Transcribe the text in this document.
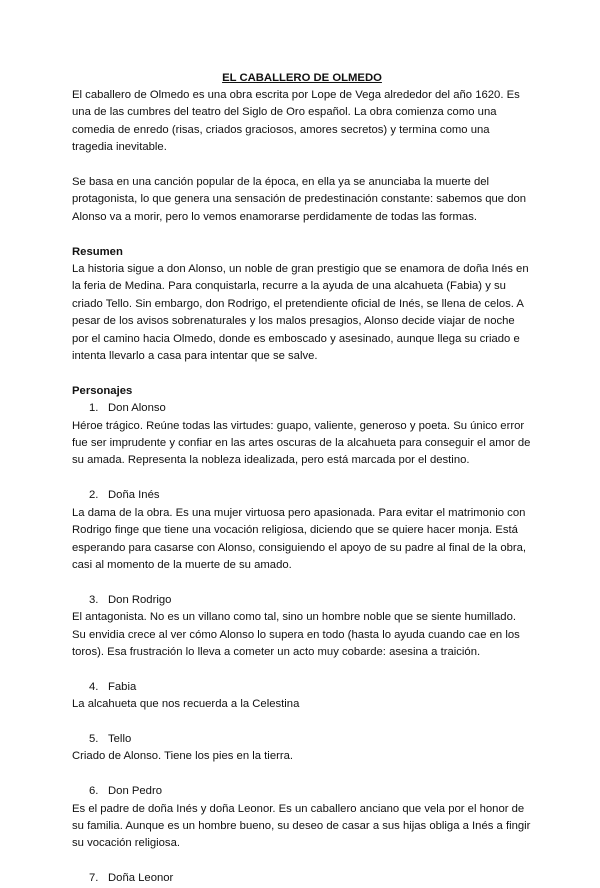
EL CABALLERO DE OLMEDO

El caballero de Olmedo es una obra escrita por Lope de Vega alrededor del año 1620. Es una de las cumbres del teatro del Siglo de Oro español. La obra comienza como una comedia de enredo (risas, criados graciosos, amores secretos) y termina como una tragedia inevitable.

Se basa en una canción popular de la época, en ella ya se anunciaba la muerte del protagonista, lo que genera una sensación de predestinación constante: sabemos que don Alonso va a morir, pero lo vemos enamorarse perdidamente de todas las formas.

Resumen

La historia sigue a don Alonso, un noble de gran prestigio que se enamora de doña Inés en la feria de Medina. Para conquistarla, recurre a la ayuda de una alcahueta (Fabia) y su criado Tello. Sin embargo, don Rodrigo, el pretendiente oficial de Inés, se llena de celos. A pesar de los avisos sobrenaturales y los malos presagios, Alonso decide viajar de noche por el camino hacia Olmedo, donde es emboscado y asesinado, aunque llega su criado e intenta llevarlo a casa para intentar que se salve.

Personajes

1. Don Alonso

Héroe trágico. Reúne todas las virtudes: guapo, valiente, generoso y poeta. Su único error fue ser imprudente y confiar en las artes oscuras de la alcahueta para conseguir el amor de su amada. Representa la nobleza idealizada, pero está marcada por el destino.

2. Doña Inés

La dama de la obra. Es una mujer virtuosa pero apasionada. Para evitar el matrimonio con Rodrigo finge que tiene una vocación religiosa, diciendo que se quiere hacer monja. Está esperando para casarse con Alonso, consiguiendo el apoyo de su padre al final de la obra, casi al momento de la muerte de su amado.

3. Don Rodrigo

El antagonista. No es un villano como tal, sino un hombre noble que se siente humillado. Su envidia crece al ver cómo Alonso lo supera en todo (hasta lo ayuda cuando cae en los toros). Esa frustración lo lleva a cometer un acto muy cobarde: asesina a traición.

4. Fabia

La alcahueta que nos recuerda a la Celestina

5. Tello

Criado de Alonso. Tiene los pies en la tierra.

6. Don Pedro

Es el padre de doña Inés y doña Leonor. Es un caballero anciano que vela por el honor de su familia. Aunque es un hombre bueno, su deseo de casar a sus hijas obliga a Inés a fingir su vocación religiosa.

7. Doña Leonor
